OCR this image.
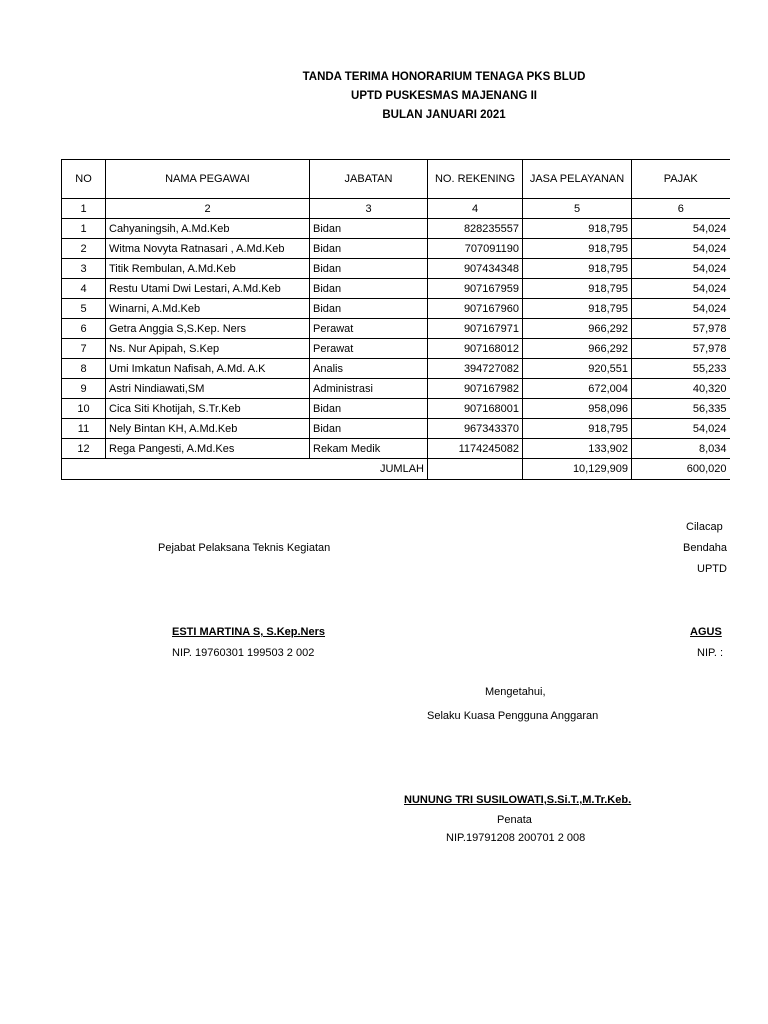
TANDA TERIMA HONORARIUM TENAGA PKS BLUD
UPTD PUSKESMAS MAJENANG II
BULAN JANUARI 2021
NO	NAMA PEGAWAI	JABATAN	NO. REKENING	JASA PELAYANAN	PAJAK
1	2	3	4	5	6
1	Cahyaningsih, A.Md.Keb	Bidan	828235557	918,795	54,024
2	Witma Novyta Ratnasari , A.Md.Keb	Bidan	707091190	918,795	54,024
3	Titik Rembulan, A.Md.Keb	Bidan	907434348	918,795	54,024
4	Restu Utami Dwi Lestari, A.Md.Keb	Bidan	907167959	918,795	54,024
5	Winarni, A.Md.Keb	Bidan	907167960	918,795	54,024
6	Getra Anggia S,S.Kep. Ners	Perawat	907167971	966,292	57,978
7	Ns. Nur Apipah, S.Kep	Perawat	907168012	966,292	57,978
8	Umi Imkatun Nafisah, A.Md. A.K	Analis	394727082	920,551	55,233
9	Astri Nindiawati,SM	Administrasi	907167982	672,004	40,320
10	Cica Siti Khotijah, S.Tr.Keb	Bidan	907168001	958,096	56,335
11	Nely Bintan KH, A.Md.Keb	Bidan	967343370	918,795	54,024
12	Rega Pangesti, A.Md.Kes	Rekam Medik	1174245082	133,902	8,034
JUMLAH				10,129,909	600,020
Pejabat Pelaksana Teknis Kegiatan
ESTI MARTINA S, S.Kep.Ners
NIP. 19760301 199503 2 002
Cilacap
Bendaha
UPTD
AGUS
NIP. :
Mengetahui,
Selaku Kuasa Pengguna Anggaran
NUNUNG TRI SUSILOWATI,S.Si.T.,M.Tr.Keb.
Penata
NIP.19791208 200701 2 008
